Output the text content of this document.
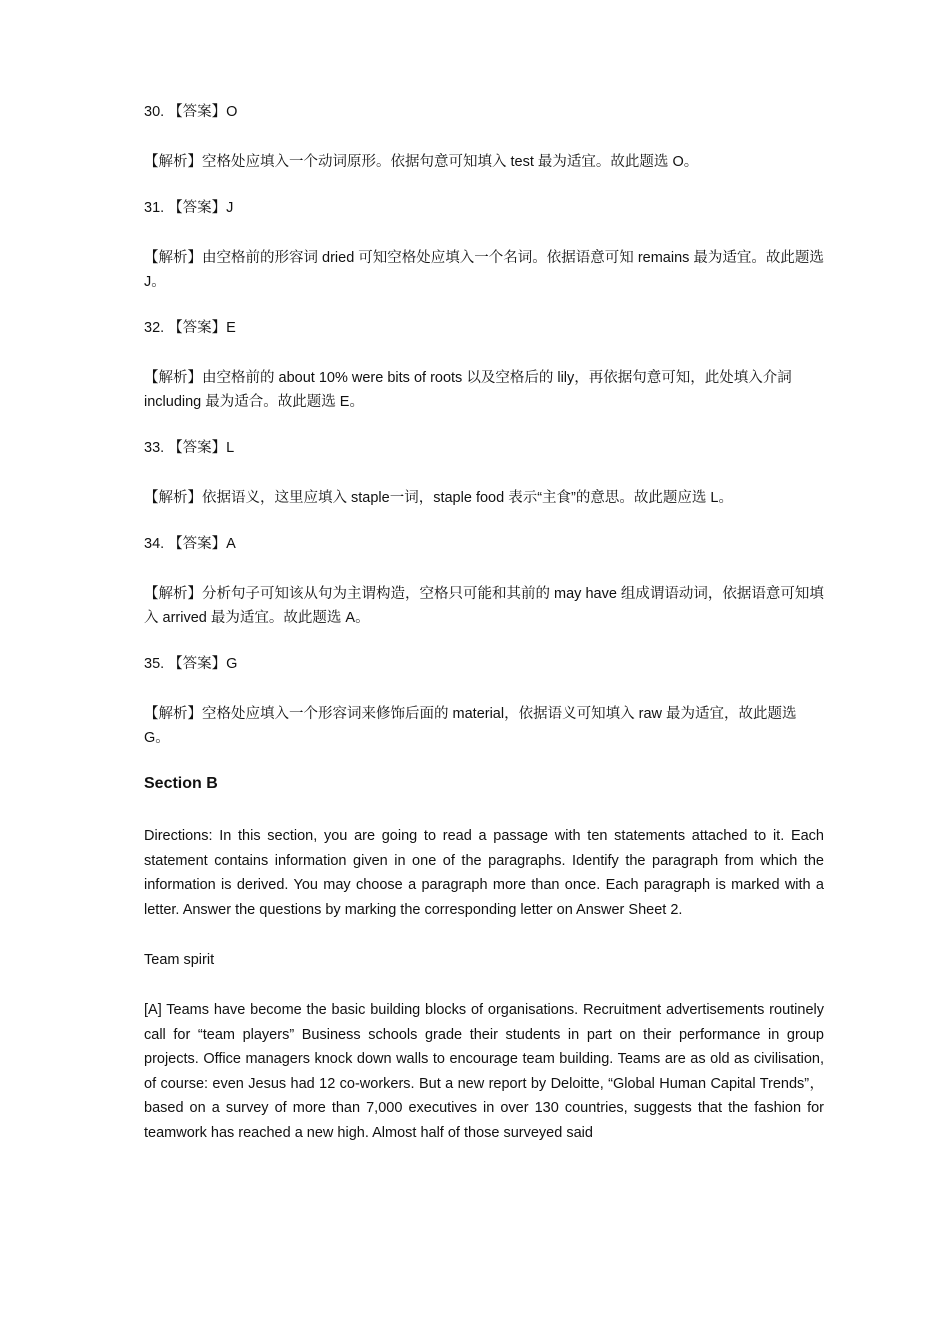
30. 【答案】O

【解析】空格处应填入一个动词原形。依据句意可知填入 test 最为适宜。故此题选 O。

31. 【答案】J

【解析】由空格前的形容词 dried 可知空格处应填入一个名词。依据语意可知 remains 最为适宜。故此题选 J。

32. 【答案】E

【解析】由空格前的 about 10% were bits of roots 以及空格后的 lily，再依据句意可知，此处填入介詞 including 最为适合。故此题选 E。

33. 【答案】L

【解析】依据语义，这里应填入 staple一词，staple food 表示“主食”的意思。故此题应选 L。

34. 【答案】A

【解析】分析句子可知该从句为主谓构造，空格只可能和其前的 may have 组成谓语动词，依据语意可知填入 arrived 最为适宜。故此题选 A。

35. 【答案】G

【解析】空格处应填入一个形容词来修饰后面的 material，依据语义可知填入 raw 最为适宜，故此题选 G。

Section B

Directions: In this section, you are going to read a passage with ten statements attached to it. Each statement contains information given in one of the paragraphs. Identify the paragraph from which the information is derived. You may choose a paragraph more than once. Each paragraph is marked with a letter. Answer the questions by marking the corresponding letter on Answer Sheet 2.

Team spirit

[A] Teams have become the basic building blocks of organisations. Recruitment advertisements routinely call for “team players” Business schools grade their students in part on their performance in group projects. Office managers knock down walls to encourage team building. Teams are as old as civilisation, of course: even Jesus had 12 co-workers. But a new report by Deloitte, “Global Human Capital Trends”， based on a survey of more than 7,000 executives in over 130 countries, suggests that the fashion for teamwork has reached a new high. Almost half of those surveyed said
